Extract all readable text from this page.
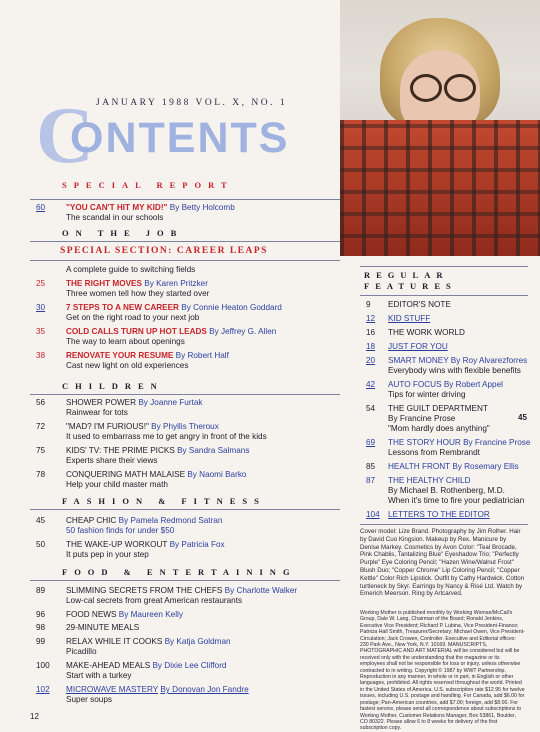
45
JANUARY 1988 VOL. X, NO. 1
C
ONTENTS
SPECIAL REPORT
60	"YOU CAN'T HIT MY KID!" By Betty Holcomb
The scandal in our schools
ON THE JOB
SPECIAL SECTION: CAREER LEAPS
A complete guide to switching fields
25	THE RIGHT MOVES By Karen Pritzker
Three women tell how they started over
30	7 STEPS TO A NEW CAREER By Connie Heaton Goddard
Get on the right road to your next job
35	COLD CALLS TURN UP HOT LEADS By Jeffrey G. Allen
The way to learn about openings
38	RENOVATE YOUR RESUME By Robert Half
Cast new light on old experiences
CHILDREN
56	SHOWER POWER By Joanne Furtak
Rainwear for tots
72	"MAD? I'M FURIOUS!" By Phyllis Theroux
It used to embarrass me to get angry in front of the kids
75	KIDS' TV: THE PRIME PICKS By Sandra Salmans
Experts share their views
78	CONQUERING MATH MALAISE By Naomi Barko
Help your child master math
FASHION & FITNESS
45	CHEAP CHIC By Pamela Redmond Satran
50 fashion finds for under $50
50	THE WAKE-UP WORKOUT By Patricia Fox
It puts pep in your step
FOOD & ENTERTAINING
89	SLIMMING SECRETS FROM THE CHEFS By Charlotte Walker
Low-cal secrets from great American restaurants
96	FOOD NEWS By Maureen Kelly
98	29-MINUTE MEALS
99	RELAX WHILE IT COOKS By Katja Goldman
Picadillo
100 MAKE-AHEAD MEALS By Dixie Lee Clifford
Start with a turkey
102 MICROWAVE MASTERY By Donovan Jon Fandre
Super soups
REGULAR
FEATURES
9 EDITOR'S NOTE
12 KID STUFF
16 THE WORK WORLD
18 JUST FOR YOU
20 SMART MONEY By Roy Alvarezforres
Everybody wins with flexible benefits
42 AUTO FOCUS By Robert Appel
Tips for winter driving
54 THE GUILT DEPARTMENT
By Francine Prose
"Mom hardly does anything"
69 THE STORY HOUR By Francine Prose
Lessons from Rembrandt
85 HEALTH FRONT By Rosemary Ellis
87 THE HEALTHY CHILD
By Michael B. Rothenberg, M.D.
When it's time to fire your pediatrician
104 LETTERS TO THE EDITOR
Cover model: Lize Brand. Photography by Jim Rolher. Hair by David Cuo Kingsion. Makeup by Rex. Manicure by Denise Markey. Cosmetics by Avon Color: "Teal Brocade, Pink Chablis, Tantalizing Blue" Eyeshadow Trio; "Perfectly Purple" Eye Coloring Pencil; "Hazen Wine/Walnut Frost" Blush Duo; "Copper Chrome" Lip Coloring Pencil; "Copper Kettle" Color Rich Lipstick. Outfit by Cathy Hardwick. Cotton turtleneck by Skyr. Earrings by Nancy & Risé Ltd. Watch by Emerich Meerson. Ring by Artcarved.
Working Mother is published monthly by Working Woman/McCall's Group, Dale W. Lang, Chairman of the Board; Ronald Jenkins, Executive Vice President; Richard P. Lubina, Vice President-Finance; Patricia Hall Smith, Treasurer/Secretary; Michael Owen, Vice President-Circulation; Jack Crowen, Controller. Executive and Editorial offices: 230 Park Ave., New York, N.Y. 10169. MANUSCRIPTS, PHOTOGRAPHIC AND ART MATERIAL will be considered but will be received only with the understanding that the magazine or its employees shall not be responsible for loss or injury, unless otherwise contracted to in writing. Copyright © 1987 by WWT Partnership. Reproduction in any manner, in whole or in part, in English or other languages, prohibited. All rights reserved throughout the world. Printed in the United States of America. U.S. subscription rate $12.95 for twelve issues, including U.S. postage and handling. For Canada, add $6.00 for postage; Pan-American countries, add $7.00; foreign, add $8.00. For fastest service, please send all correspondence about subscriptions to Working Mother, Customer Relations Manager, Box 53861, Boulder, CO 80322. Please allow 6 to 8 weeks for delivery of the first subscription copy.
12
